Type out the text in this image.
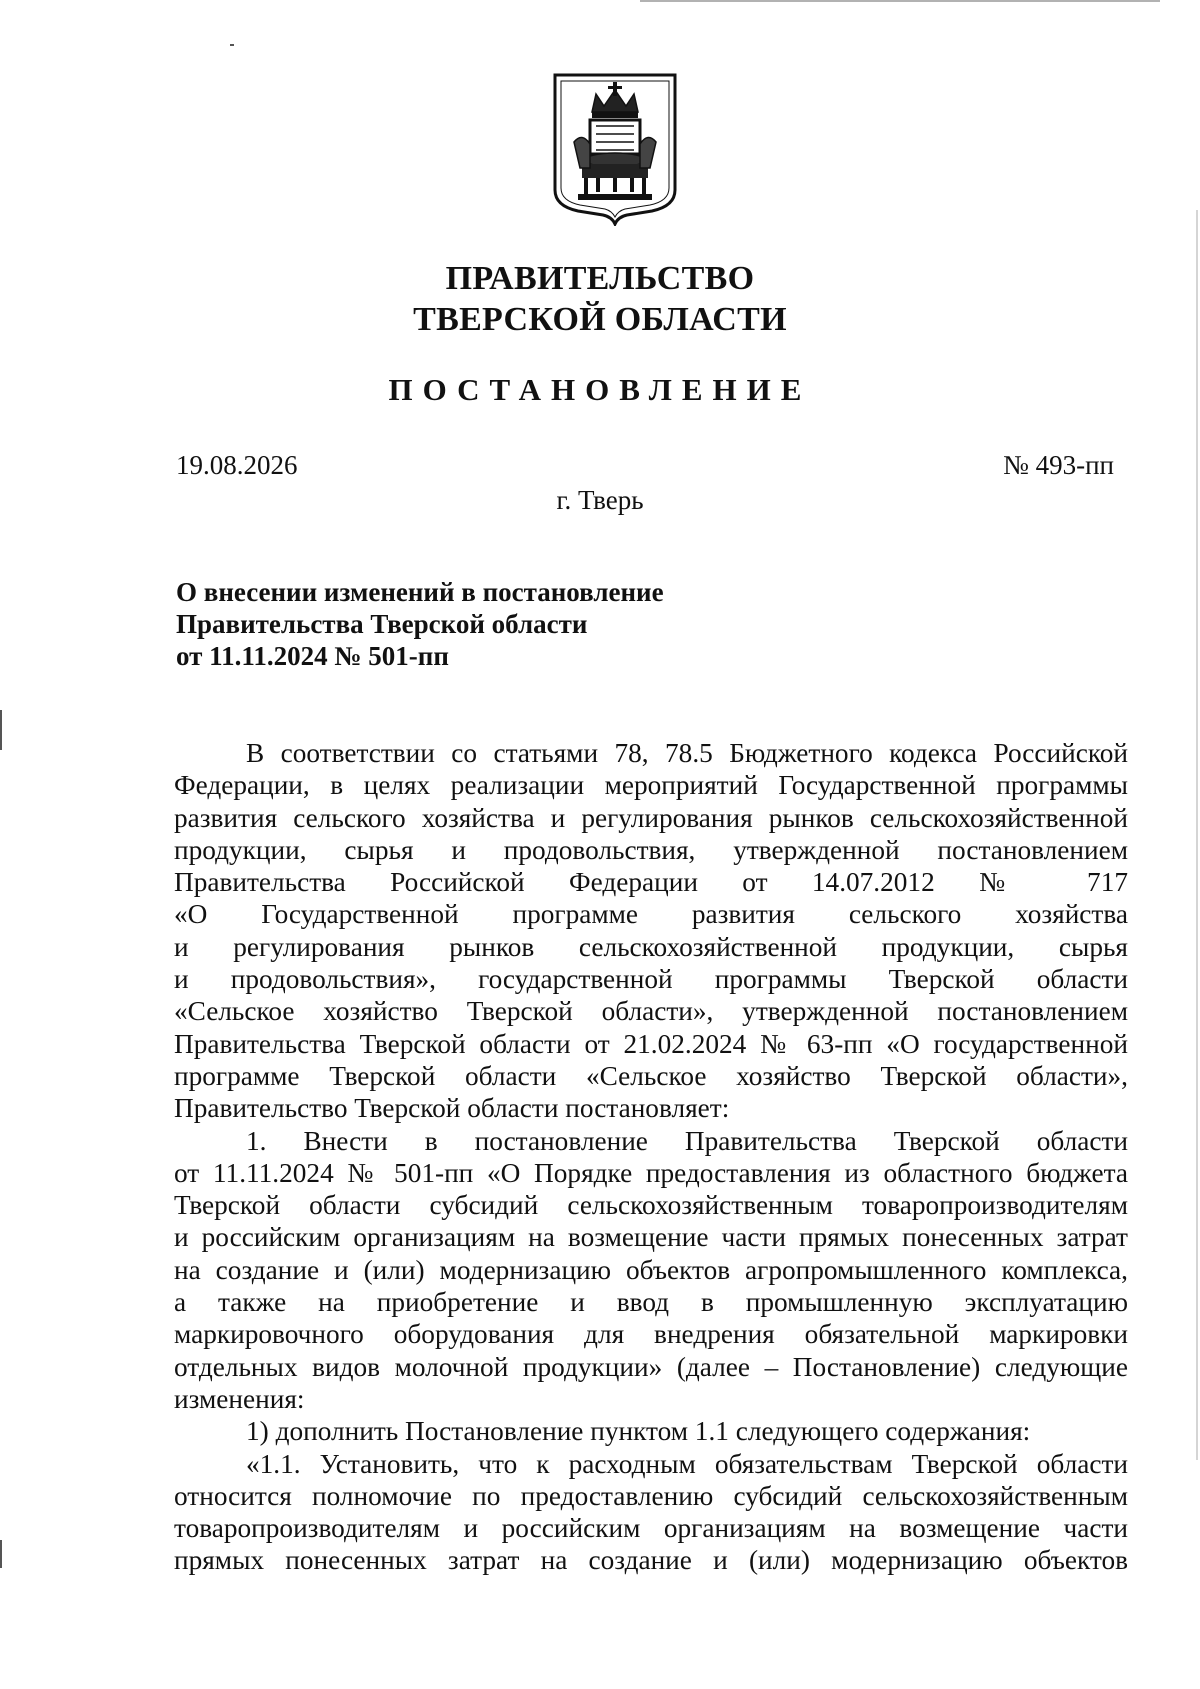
ПРАВИТЕЛЬСТВО
ТВЕРСКОЙ ОБЛАСТИ
ПОСТАНОВЛЕНИЕ
19.08.2026	№ 493-пп
г. Тверь
О внесении изменений в постановление
Правительства Тверской области
от 11.11.2024 № 501-пп
В соответствии со статьями 78, 78.5 Бюджетного кодекса Российской
Федерации, в целях реализации мероприятий Государственной программы
развития сельского хозяйства и регулирования рынков сельскохозяйственной
продукции, сырья и продовольствия, утвержденной постановлением
Правительства Российской Федерации от 14.07.2012 № 717
«О Государственной программе развития сельского хозяйства
и регулирования рынков сельскохозяйственной продукции, сырья
и продовольствия», государственной программы Тверской области
«Сельское хозяйство Тверской области», утвержденной постановлением
Правительства Тверской области от 21.02.2024 № 63-пп «О государственной
программе Тверской области «Сельское хозяйство Тверской области»,
Правительство Тверской области постановляет:
1. Внести в постановление Правительства Тверской области
от 11.11.2024 № 501-пп «О Порядке предоставления из областного бюджета
Тверской области субсидий сельскохозяйственным товаропроизводителям
и российским организациям на возмещение части прямых понесенных затрат
на создание и (или) модернизацию объектов агропромышленного комплекса,
а также на приобретение и ввод в промышленную эксплуатацию
маркировочного оборудования для внедрения обязательной маркировки
отдельных видов молочной продукции» (далее – Постановление) следующие
изменения:
1) дополнить Постановление пунктом 1.1 следующего содержания:
«1.1. Установить, что к расходным обязательствам Тверской области
относится полномочие по предоставлению субсидий сельскохозяйственным
товаропроизводителям и российским организациям на возмещение части
прямых понесенных затрат на создание и (или) модернизацию объектов
